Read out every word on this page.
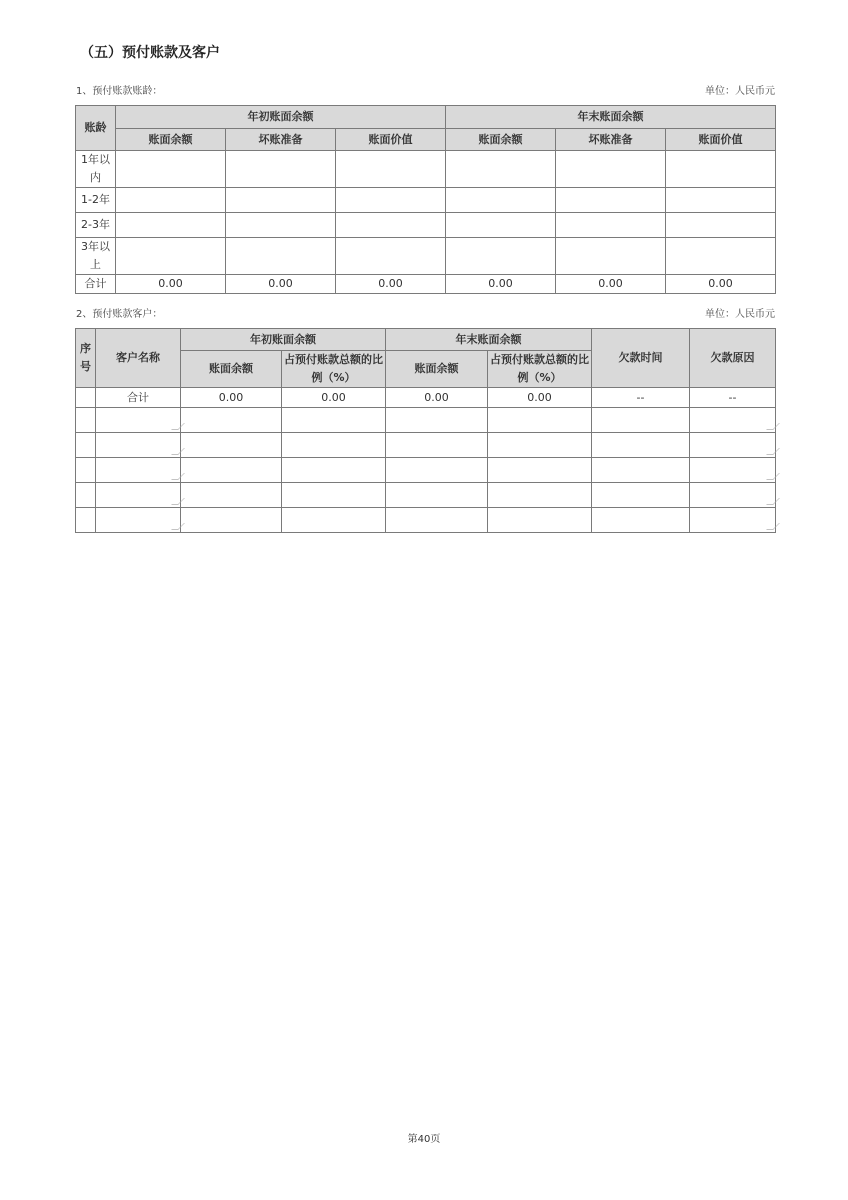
（五）预付账款及客户
1、预付账款账龄：	单位：人民币元
账龄	年初账面余额			年末账面余额		
	账面余额	坏账准备	账面价值	账面余额	坏账准备	账面价值
1年以内						
1-2年						
2-3年						
3年以上						
合计	0.00	0.00	0.00	0.00	0.00	0.00
2、预付账款客户：	单位：人民币元
序号	客户名称	年初账面余额		年末账面余额		欠款时间	欠款原因
		账面余额	占预付账款总额的比例（%）	账面余额	占预付账款总额的比例（%）		
	合计	0.00	0.00	0.00	0.00	--	--

第40页
